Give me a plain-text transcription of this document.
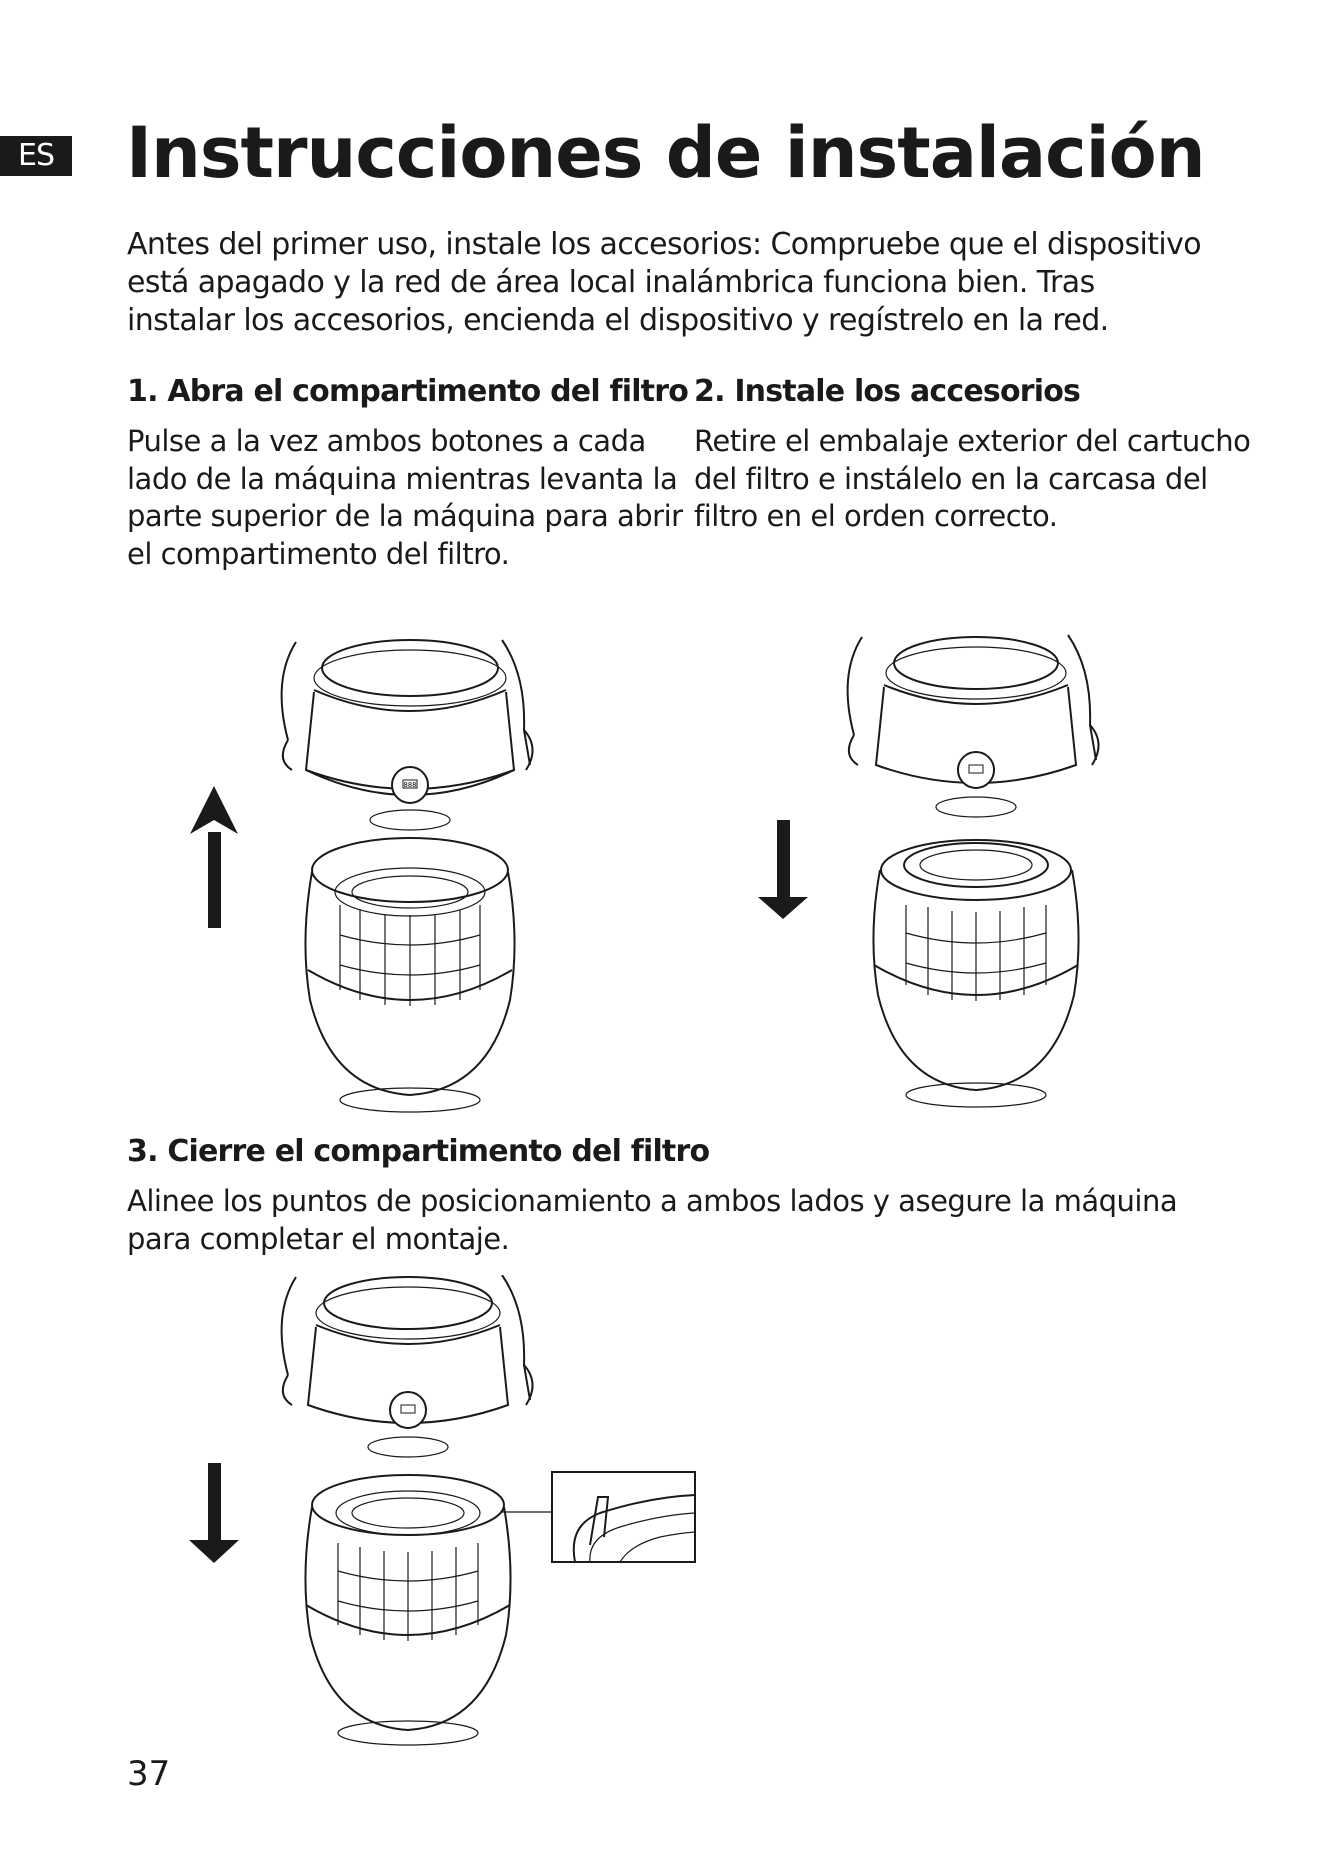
ES Instrucciones de instalación

Antes del primer uso, instale los accesorios: Compruebe que el dispositivo está apagado y la red de área local inalámbrica funciona bien. Tras instalar los accesorios, encienda el dispositivo y regístrelo en la red.

1. Abra el compartimento del filtro

Pulse a la vez ambos botones a cada lado de la máquina mientras levanta la parte superior de la máquina para abrir el compartimento del filtro.

2. Instale los accesorios

Retire el embalaje exterior del cartucho del filtro e instálelo en la carcasa del filtro en el orden correcto.

888
3. Cierre el compartimento del filtro

Alinee los puntos de posicionamiento a ambos lados y asegure la máquina para completar el montaje.

37
